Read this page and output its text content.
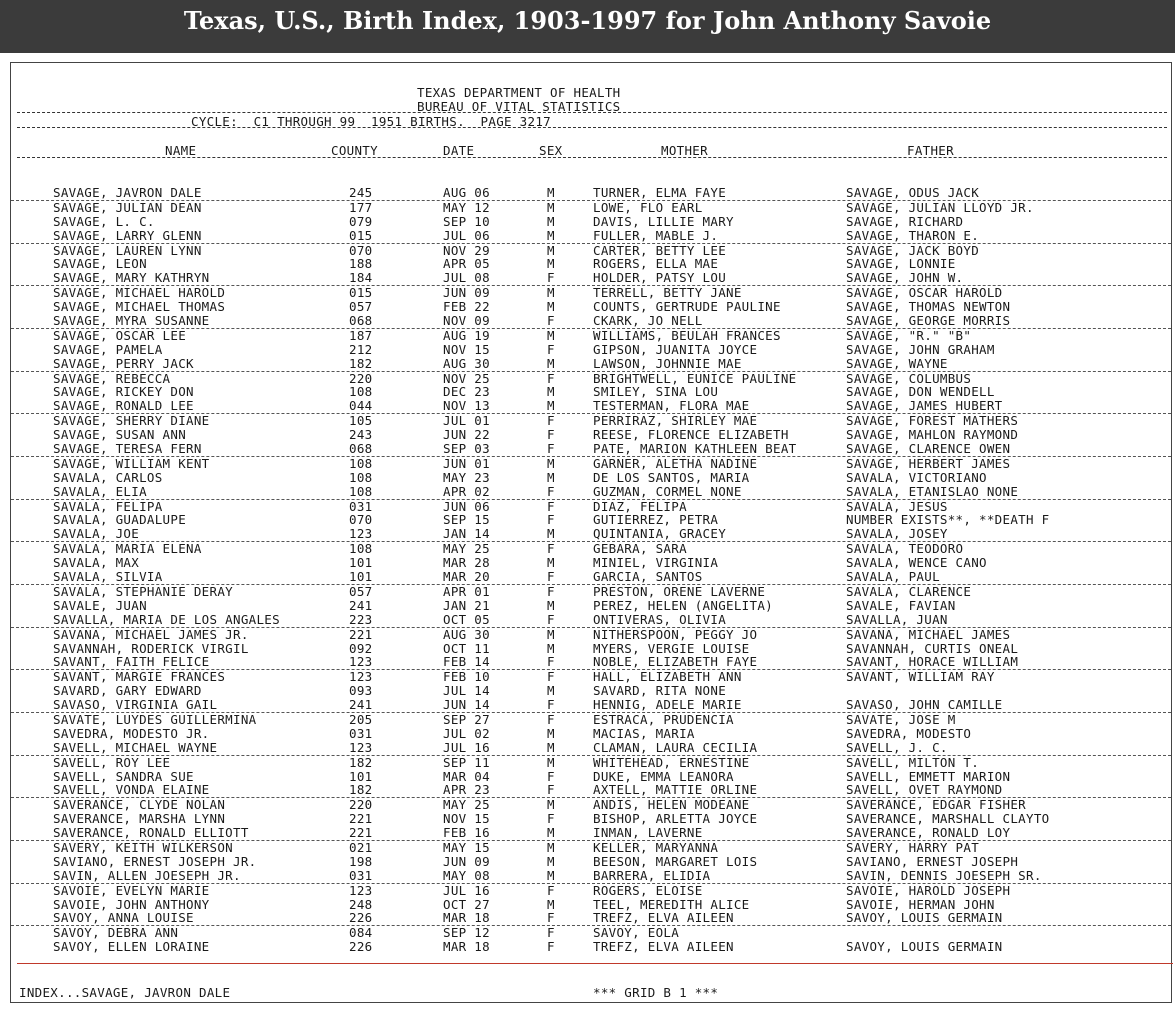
Texas, U.S., Birth Index, 1903-1997 for John Anthony Savoie
TEXAS DEPARTMENT OF HEALTH
BUREAU OF VITAL STATISTICS
CYCLE:  C1 THROUGH 99  1951 BIRTHS.  PAGE 3217
NAME	COUNTY	DATE	SEX	MOTHER	FATHER
SAVAGE, JAVRON DALE	245	AUG 06	M	TURNER, ELMA FAYE	SAVAGE, ODUS JACK
SAVAGE, JULIAN DEAN	177	MAY 12	M	LOWE, FLO EARL	SAVAGE, JULIAN LLOYD JR.
SAVAGE, L. C.	079	SEP 10	M	DAVIS, LILLIE MARY	SAVAGE, RICHARD
SAVAGE, LARRY GLENN	015	JUL 06	M	FULLER, MABLE J.	SAVAGE, THARON E.
SAVAGE, LAUREN LYNN	070	NOV 29	M	CARTER, BETTY LEE	SAVAGE, JACK BOYD
SAVAGE, LEON	188	APR 05	M	ROGERS, ELLA MAE	SAVAGE, LONNIE
SAVAGE, MARY KATHRYN	184	JUL 08	F	HOLDER, PATSY LOU	SAVAGE, JOHN W.
SAVAGE, MICHAEL HAROLD	015	JUN 09	M	TERRELL, BETTY JANE	SAVAGE, OSCAR HAROLD
SAVAGE, MICHAEL THOMAS	057	FEB 22	M	COUNTS, GERTRUDE PAULINE	SAVAGE, THOMAS NEWTON
SAVAGE, MYRA SUSANNE	068	NOV 09	F	CKARK, JO NELL	SAVAGE, GEORGE MORRIS
SAVAGE, OSCAR LEE	187	AUG 19	M	WILLIAMS, BEULAH FRANCES	SAVAGE, "R." "B"
SAVAGE, PAMELA	212	NOV 15	F	GIPSON, JUANITA JOYCE	SAVAGE, JOHN GRAHAM
SAVAGE, PERRY JACK	182	AUG 30	M	LAWSON, JOHNNIE MAE	SAVAGE, WAYNE
SAVAGE, REBECCA	220	NOV 25	F	BRIGHTWELL, EUNICE PAULINE	SAVAGE, COLUMBUS
SAVAGE, RICKEY DON	108	DEC 23	M	SMILEY, SINA LOU	SAVAGE, DON WENDELL
SAVAGE, RONALD LEE	044	NOV 13	M	TESTERMAN, FLORA MAE	SAVAGE, JAMES HUBERT
SAVAGE, SHERRY DIANE	105	JUL 01	F	PERRIRAZ, SHIRLEY MAE	SAVAGE, FOREST MATHERS
SAVAGE, SUSAN ANN	243	JUN 22	F	REESE, FLORENCE ELIZABETH	SAVAGE, MAHLON RAYMOND
SAVAGE, TERESA FERN	068	SEP 03	F	PATE, MARION KATHLEEN BEAT	SAVAGE, CLARENCE OWEN
SAVAGE, WILLIAM KENT	108	JUN 01	M	GARNER, ALETHA NADINE	SAVAGE, HERBERT JAMES
SAVALA, CARLOS	108	MAY 23	M	DE LOS SANTOS, MARIA	SAVALA, VICTORIANO
SAVALA, ELIA	108	APR 02	F	GUZMAN, CORMEL NONE	SAVALA, ETANISLAO NONE
SAVALA, FELIPA	031	JUN 06	F	DIAZ, FELIPA	SAVALA, JESUS
SAVALA, GUADALUPE	070	SEP 15	F	GUTIERREZ, PETRA	NUMBER EXISTS**, **DEATH F
SAVALA, JOE	123	JAN 14	M	QUINTANIA, GRACEY	SAVALA, JOSEY
SAVALA, MARIA ELENA	108	MAY 25	F	GEBARA, SARA	SAVALA, TEODORO
SAVALA, MAX	101	MAR 28	M	MINIEL, VIRGINIA	SAVALA, WENCE CANO
SAVALA, SILVIA	101	MAR 20	F	GARCIA, SANTOS	SAVALA, PAUL
SAVALA, STEPHANIE DERAY	057	APR 01	F	PRESTON, ORENE LAVERNE	SAVALA, CLARENCE
SAVALE, JUAN	241	JAN 21	M	PEREZ, HELEN (ANGELITA)	SAVALE, FAVIAN
SAVALLA, MARIA DE LOS ANGALES	223	OCT 05	F	ONTIVERAS, OLIVIA	SAVALLA, JUAN
SAVANA, MICHAEL JAMES JR.	221	AUG 30	M	NITHERSPOON, PEGGY JO	SAVANA, MICHAEL JAMES
SAVANNAH, RODERICK VIRGIL	092	OCT 11	M	MYERS, VERGIE LOUISE	SAVANNAH, CURTIS ONEAL
SAVANT, FAITH FELICE	123	FEB 14	F	NOBLE, ELIZABETH FAYE	SAVANT, HORACE WILLIAM
SAVANT, MARGIE FRANCES	123	FEB 10	F	HALL, ELIZABETH ANN	SAVANT, WILLIAM RAY
SAVARD, GARY EDWARD	093	JUL 14	M	SAVARD, RITA NONE
SAVASO, VIRGINIA GAIL	241	JUN 14	F	HENNIG, ADELE MARIE	SAVASO, JOHN CAMILLE
SAVATE, LUYDES GUILLERMINA	205	SEP 27	F	ESTRACA, PRUDENCIA	SAVATE, JOSE M
SAVEDRA, MODESTO JR.	031	JUL 02	M	MACIAS, MARIA	SAVEDRA, MODESTO
SAVELL, MICHAEL WAYNE	123	JUL 16	M	CLAMAN, LAURA CECILIA	SAVELL, J. C.
SAVELL, ROY LEE	182	SEP 11	M	WHITEHEAD, ERNESTINE	SAVELL, MILTON T.
SAVELL, SANDRA SUE	101	MAR 04	F	DUKE, EMMA LEANORA	SAVELL, EMMETT MARION
SAVELL, VONDA ELAINE	182	APR 23	F	AXTELL, MATTIE ORLINE	SAVELL, OVET RAYMOND
SAVERANCE, CLYDE NOLAN	220	MAY 25	M	ANDIS, HELEN MODEANE	SAVERANCE, EDGAR FISHER
SAVERANCE, MARSHA LYNN	221	NOV 15	F	BISHOP, ARLETTA JOYCE	SAVERANCE, MARSHALL CLAYTO
SAVERANCE, RONALD ELLIOTT	221	FEB 16	M	INMAN, LAVERNE	SAVERANCE, RONALD LOY
SAVERY, KEITH WILKERSON	021	MAY 15	M	KELLER, MARYANNA	SAVERY, HARRY PAT
SAVIANO, ERNEST JOSEPH JR.	198	JUN 09	M	BEESON, MARGARET LOIS	SAVIANO, ERNEST JOSEPH
SAVIN, ALLEN JOESEPH JR.	031	MAY 08	M	BARRERA, ELIDIA	SAVIN, DENNIS JOESEPH SR.
SAVOIE, EVELYN MARIE	123	JUL 16	F	ROGERS, ELOISE	SAVOIE, HAROLD JOSEPH
SAVOIE, JOHN ANTHONY	248	OCT 27	M	TEEL, MEREDITH ALICE	SAVOIE, HERMAN JOHN
SAVOY, ANNA LOUISE	226	MAR 18	F	TREFZ, ELVA AILEEN	SAVOY, LOUIS GERMAIN
SAVOY, DEBRA ANN	084	SEP 12	F	SAVOY, EOLA
SAVOY, ELLEN LORAINE	226	MAR 18	F	TREFZ, ELVA AILEEN	SAVOY, LOUIS GERMAIN
INDEX...SAVAGE, JAVRON DALE	*** GRID B 1 ***
